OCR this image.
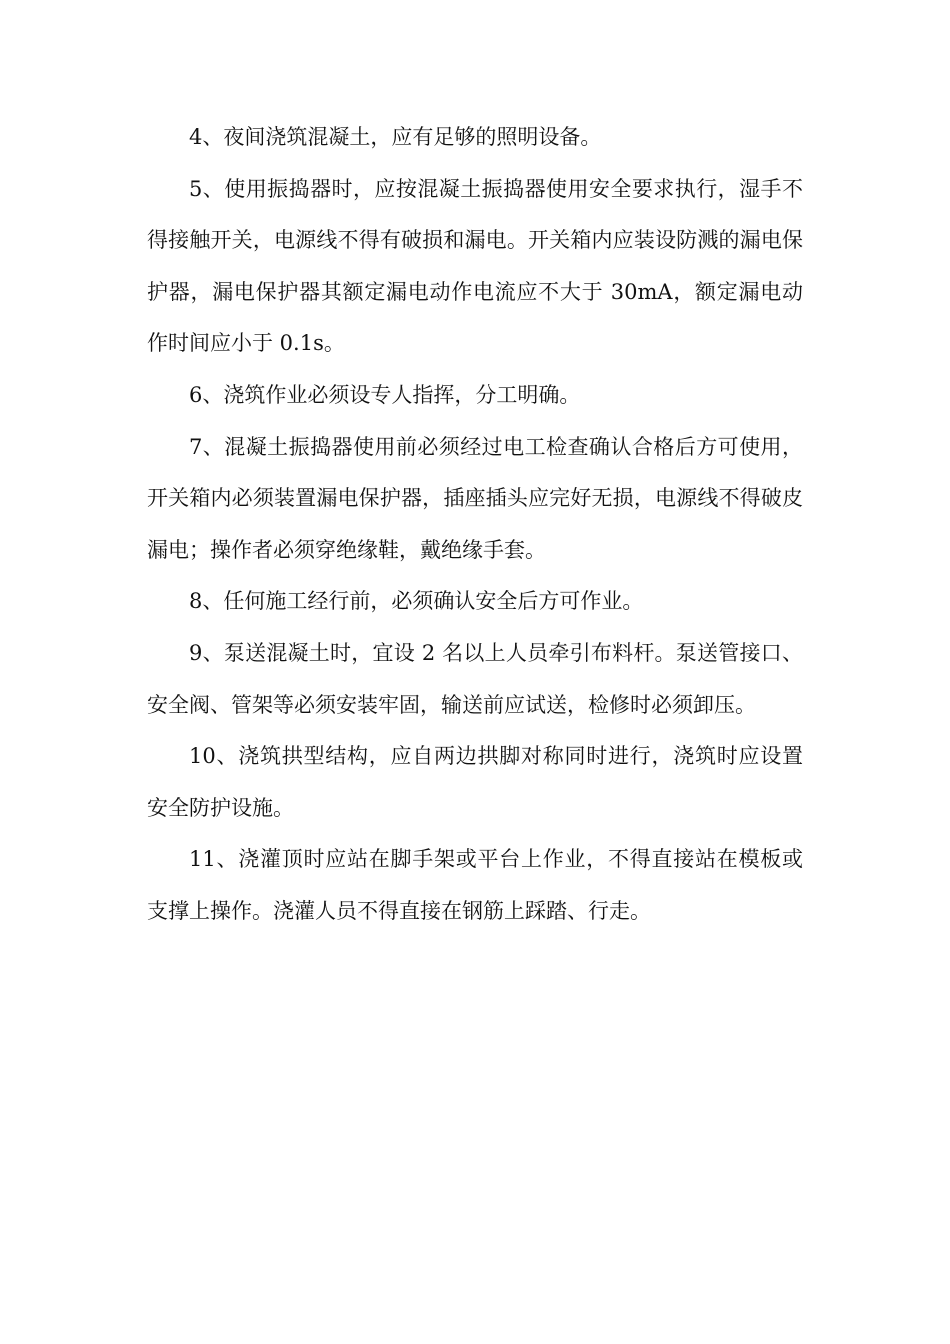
4、夜间浇筑混凝土，应有足够的照明设备。

5、使用振捣器时，应按混凝土振捣器使用安全要求执行，湿手不得接触开关，电源线不得有破损和漏电。开关箱内应装设防溅的漏电保护器，漏电保护器其额定漏电动作电流应不大于 30mA，额定漏电动作时间应小于 0.1s。

6、浇筑作业必须设专人指挥，分工明确。

7、混凝土振捣器使用前必须经过电工检查确认合格后方可使用，开关箱内必须装置漏电保护器，插座插头应完好无损，电源线不得破皮漏电；操作者必须穿绝缘鞋，戴绝缘手套。

8、任何施工经行前，必须确认安全后方可作业。

9、泵送混凝土时，宜设 2 名以上人员牵引布料杆。泵送管接口、安全阀、管架等必须安装牢固，输送前应试送，检修时必须卸压。

10、浇筑拱型结构，应自两边拱脚对称同时进行，浇筑时应设置安全防护设施。

11、浇灌顶时应站在脚手架或平台上作业，不得直接站在模板或支撑上操作。浇灌人员不得直接在钢筋上踩踏、行走。
